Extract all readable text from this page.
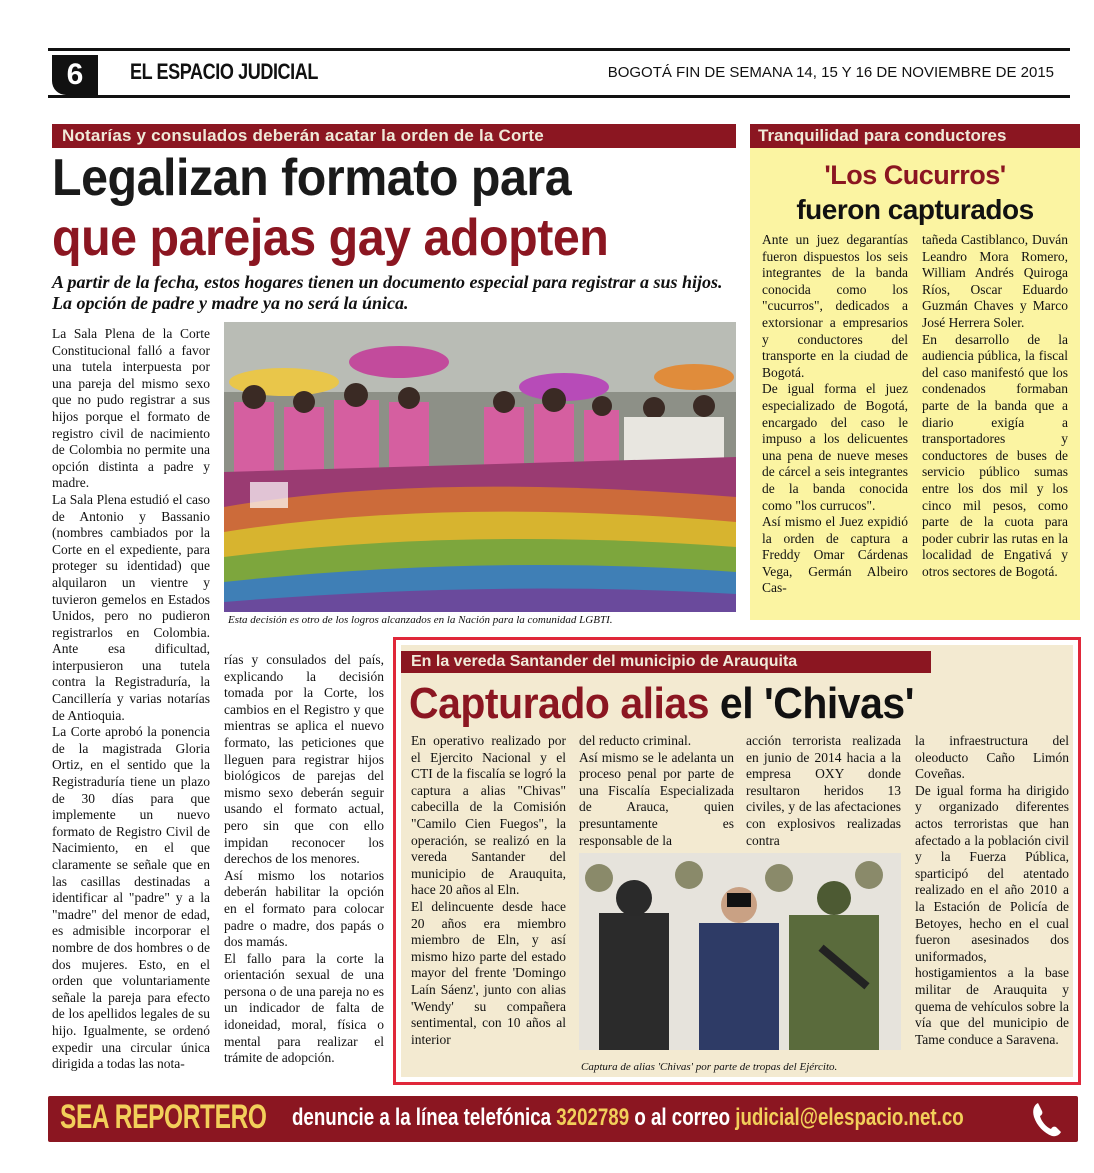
6	EL ESPACIO JUDICIAL	BOGOTÁ FIN DE SEMANA 14, 15 Y 16 DE NOVIEMBRE DE 2015
Notarías y consulados deberán acatar la orden de la Corte
Legalizan formato para
que parejas gay adopten
A partir de la fecha, estos hogares tienen un documento especial para registrar a sus hijos. La opción de padre y madre ya no será la única.

La Sala Plena de la Corte Constitucional falló a favor una tutela interpuesta por una pareja del mismo sexo que no pudo registrar a sus hijos porque el formato de registro civil de nacimiento de Colombia no permite una opción distinta a padre y madre.

La Sala Plena estudió el caso de Antonio y Bassanio (nombres cambiados por la Corte en el expediente, para proteger su identidad) que alquilaron un vientre y tuvieron gemelos en Estados Unidos, pero no pudieron registrarlos en Colombia. Ante esa dificultad, interpusieron una tutela contra la Registraduría, la Cancillería y varias notarías de Antioquia.

La Corte aprobó la ponencia de la magistrada Gloria Ortiz, en el sentido que la Registraduría tiene un plazo de 30 días para que implemente un nuevo formato de Registro Civil de Nacimiento, en el que claramente se señale que en las casillas destinadas a identificar al "padre" y a la "madre" del menor de edad, es admisible incorporar el nombre de dos hombres o de dos mujeres. Esto, en el orden que voluntariamente señale la pareja para efecto de los apellidos legales de su hijo. Igualmente, se ordenó expedir una circular única dirigida a todas las nota-

Esta decisión es otro de los logros alcanzados en la Nación para la comunidad LGBTI.

rías y consulados del país, explicando la decisión tomada por la Corte, los cambios en el Registro y que mientras se aplica el nuevo formato, las peticiones que lleguen para registrar hijos biológicos de parejas del mismo sexo deberán seguir usando el formato actual, pero sin que con ello impidan reconocer los derechos de los menores.

Así mismo los notarios deberán habilitar la opción en el formato para colocar padre o madre, dos papás o dos mamás.

El fallo para la corte la orientación sexual de una persona o de una pareja no es un indicador de falta de idoneidad, moral, física o mental para realizar el trámite de adopción.

Tranquilidad para conductores
'Los Cucurros'
fueron capturados

Ante un juez degarantías fueron dispuestos los seis integrantes de la banda conocida como los "cucurros", dedicados a extorsionar a empresarios y conductores del transporte en la ciudad de Bogotá.

De igual forma el juez especializado de Bogotá, encargado del caso le impuso a los delicuentes una pena de nueve meses de cárcel a seis integrantes de la banda conocida como "los currucos".

Así mismo el Juez expidió la orden de captura a Freddy Omar Cárdenas Vega, Germán Albeiro Cas-

tañeda Castiblanco, Duván Leandro Mora Romero, William Andrés Quiroga Ríos, Oscar Eduardo Guzmán Chaves y Marco José Herrera Soler.

En desarrollo de la audiencia pública, la fiscal del caso manifestó que los condenados formaban parte de la banda que a diario exigía a transportadores y conductores de buses de servicio público sumas entre los dos mil y los cinco mil pesos, como parte de la cuota para poder cubrir las rutas en la localidad de Engativá y otros sectores de Bogotá.

En la vereda Santander del municipio de Arauquita
Capturado alias el 'Chivas'

En operativo realizado por el Ejercito Nacional y el CTI de la fiscalía se logró la captura a alias "Chivas" cabecilla de la Comisión "Camilo Cien Fuegos", la operación, se realizó en la vereda Santander del municipio de Arauquita, hace 20 años al Eln.

El delincuente desde hace 20 años era miembro miembro de Eln, y así mismo hizo parte del estado mayor del frente 'Domingo Laín Sáenz', junto con alias 'Wendy' su compañera sentimental, con 10 años al interior

del reducto criminal.

Así mismo se le adelanta un proceso penal por parte de una Fiscalía Especializada de Arauca, quien presuntamente es responsable de la

acción terrorista realizada en junio de 2014 hacia a la empresa OXY donde resultaron heridos 13 civiles, y de las afectaciones con explosivos realizadas contra

la infraestructura del oleoducto Caño Limón Coveñas.

De igual forma ha dirigido y organizado diferentes actos terroristas que han afectado a la población civil y la Fuerza Pública, sparticipó del atentado realizado en el año 2010 a la Estación de Policía de Betoyes, hecho en el cual fueron asesinados dos uniformados, hostigamientos a la base militar de Arauquita y quema de vehículos sobre la vía que del municipio de Tame conduce a Saravena.

Captura de alias 'Chivas' por parte de tropas del Ejército.
SEA REPORTERO denuncie a la línea telefónica 3202789 o al correo judicial@elespacio.net.co
